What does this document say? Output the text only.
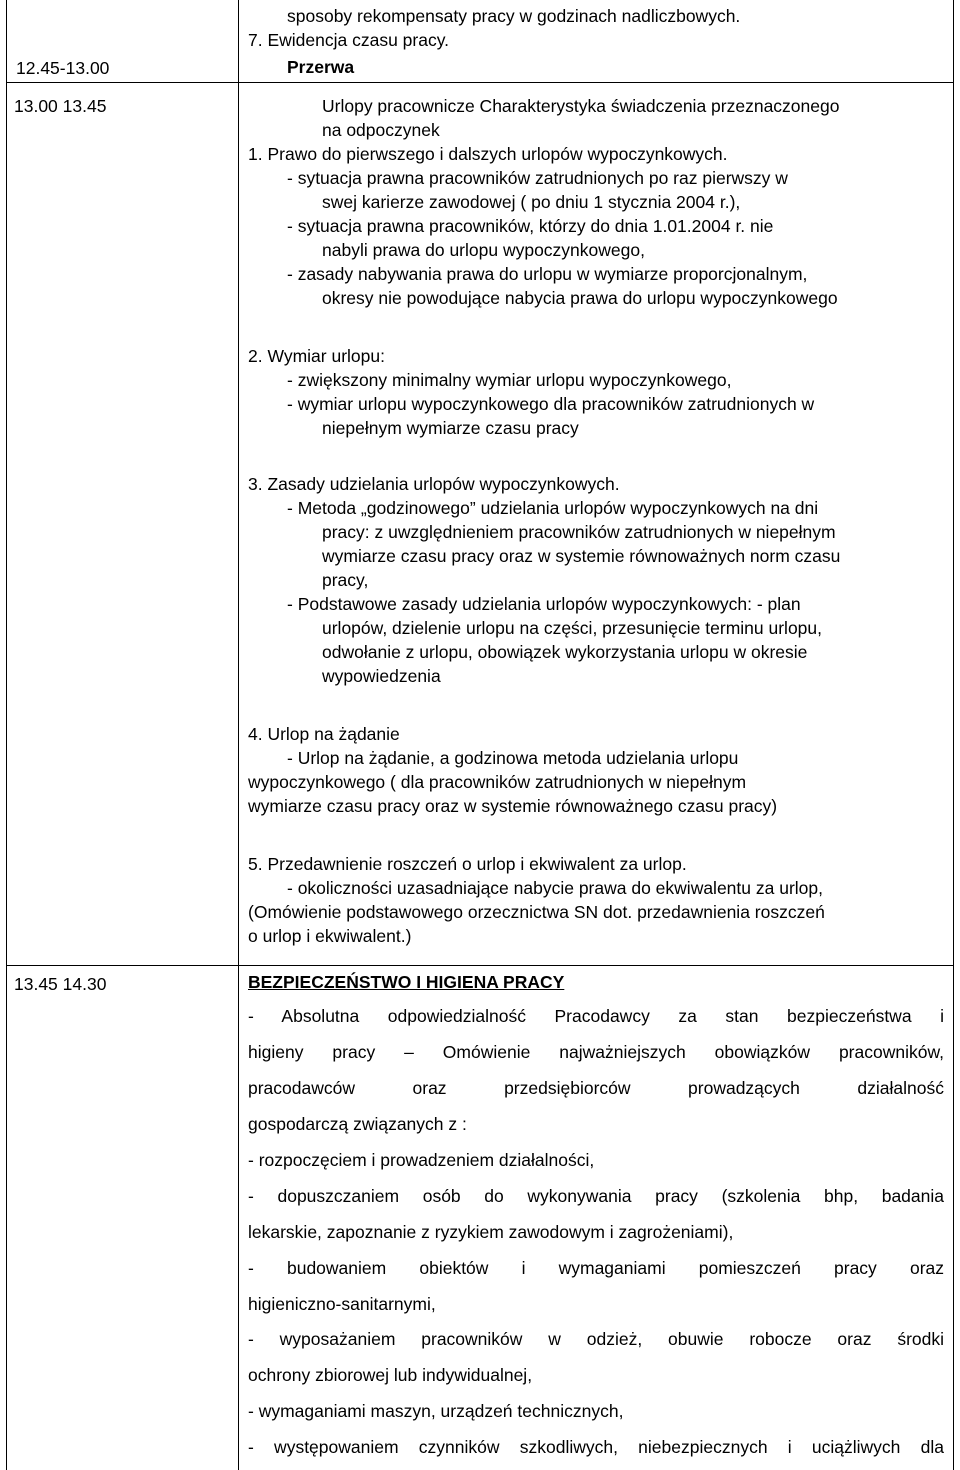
sposoby rekompensaty pracy w godzinach nadliczbowych.
7. Ewidencja czasu pracy.
12.45-13.00	Przerwa
13.00 13.45	Urlopy pracownicze Charakterystyka świadczenia przeznaczonego
na odpoczynek
1. Prawo do pierwszego i dalszych urlopów wypoczynkowych.
- sytuacja prawna pracowników zatrudnionych po raz pierwszy w
swej karierze zawodowej ( po dniu 1 stycznia 2004 r.),
- sytuacja prawna pracowników, którzy do dnia 1.01.2004 r. nie
nabyli prawa do urlopu wypoczynkowego,
- zasady nabywania prawa do urlopu w wymiarze proporcjonalnym,
okresy nie powodujące nabycia prawa do urlopu wypoczynkowego
2. Wymiar urlopu:
- zwiększony minimalny wymiar urlopu wypoczynkowego,
- wymiar urlopu wypoczynkowego dla pracowników zatrudnionych w
niepełnym wymiarze czasu pracy
3. Zasady udzielania urlopów wypoczynkowych.
- Metoda „godzinowego” udzielania urlopów wypoczynkowych na dni
pracy: z uwzględnieniem pracowników zatrudnionych w niepełnym
wymiarze czasu pracy oraz w systemie równoważnych norm czasu
pracy,
- Podstawowe zasady udzielania urlopów wypoczynkowych: - plan
urlopów, dzielenie urlopu na części, przesunięcie terminu urlopu,
odwołanie z urlopu, obowiązek wykorzystania urlopu w okresie
wypowiedzenia
4. Urlop na żądanie
- Urlop na żądanie, a godzinowa metoda udzielania urlopu
wypoczynkowego ( dla pracowników zatrudnionych w niepełnym
wymiarze czasu pracy oraz w systemie równoważnego czasu pracy)
5. Przedawnienie roszczeń o urlop i ekwiwalent za urlop.
- okoliczności uzasadniające nabycie prawa do ekwiwalentu za urlop,
(Omówienie podstawowego orzecznictwa SN dot. przedawnienia roszczeń
o urlop i ekwiwalent.)
13.45 14.30	BEZPIECZEŃSTWO I HIGIENA PRACY
- Absolutna odpowiedzialność Pracodawcy za stan bezpieczeństwa i
higieny pracy – Omówienie najważniejszych obowiązków pracowników,
pracodawców oraz przedsiębiorców prowadzących działalność
gospodarczą związanych z :
- rozpoczęciem i prowadzeniem działalności,
- dopuszczaniem osób do wykonywania pracy (szkolenia bhp, badania
lekarskie, zapoznanie z ryzykiem zawodowym i zagrożeniami),
- budowaniem obiektów i wymaganiami pomieszczeń pracy oraz
higieniczno-sanitarnymi,
- wyposażaniem pracowników w odzież, obuwie robocze oraz środki
ochrony zbiorowej lub indywidualnej,
- wymaganiami maszyn, urządzeń technicznych,
- występowaniem czynników szkodliwych, niebezpiecznych i uciążliwych dla
